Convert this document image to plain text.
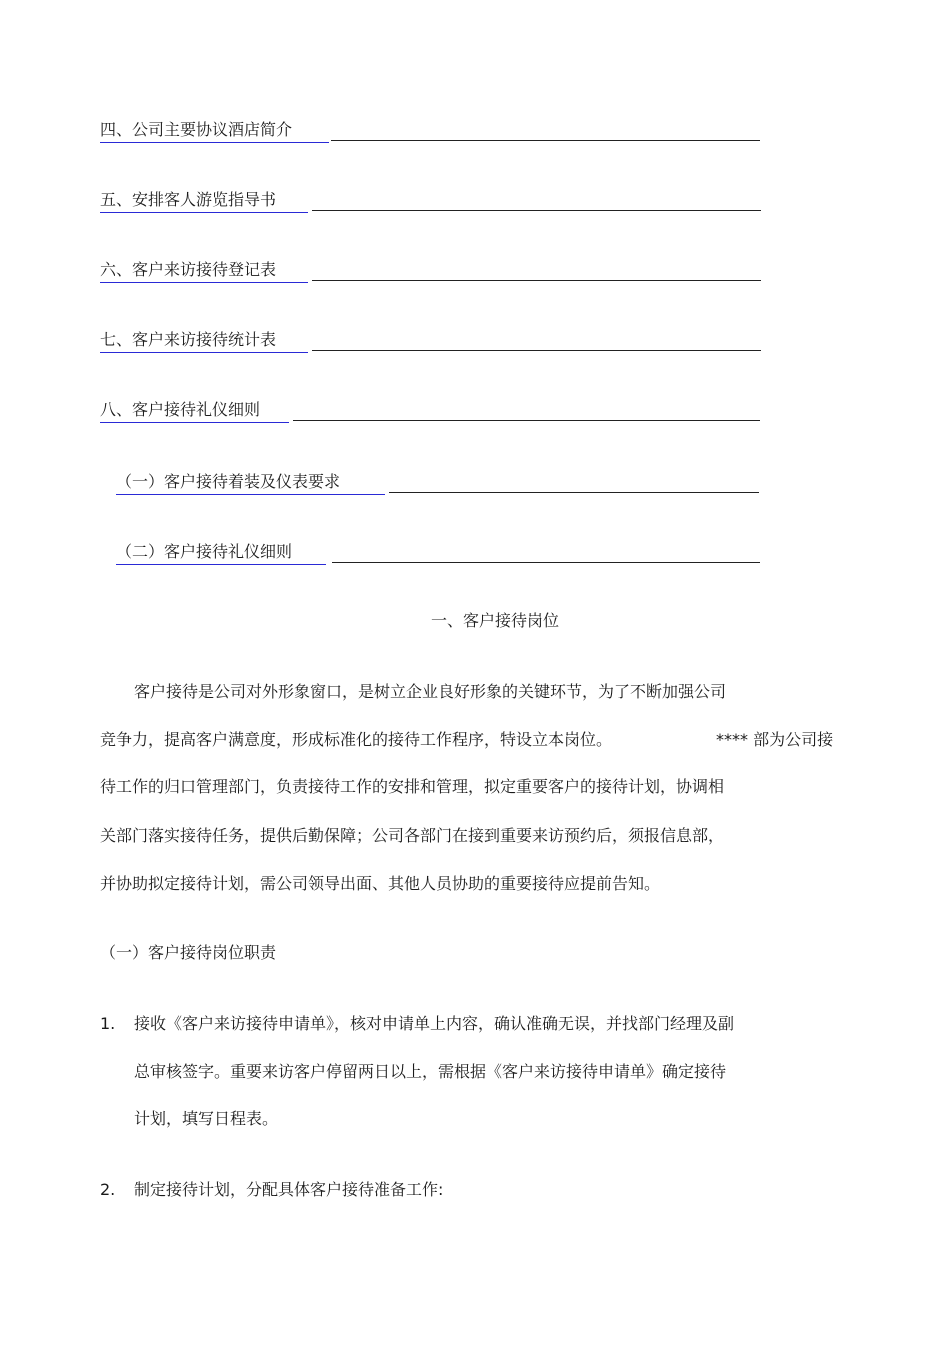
四、公司主要协议酒店简介
五、安排客人游览指导书
六、客户来访接待登记表
七、客户来访接待统计表
八、客户接待礼仪细则
（一）客户接待着装及仪表要求
（二）客户接待礼仪细则
一、客户接待岗位
客户接待是公司对外形象窗口，是树立企业良好形象的关键环节，为了不断加强公司
竞争力，提高客户满意度，形成标准化的接待工作程序，特设立本岗位。	**** 部为公司接
待工作的归口管理部门，负责接待工作的安排和管理，拟定重要客户的接待计划，协调相
关部门落实接待任务，提供后勤保障；公司各部门在接到重要来访预约后，须报信息部，
并协助拟定接待计划，需公司领导出面、其他人员协助的重要接待应提前告知。
（一）客户接待岗位职责
1. 接收《客户来访接待申请单》，核对申请单上内容，确认准确无误，并找部门经理及副
总审核签字。重要来访客户停留两日以上，需根据《客户来访接待申请单》确定接待
计划，填写日程表。
2. 制定接待计划，分配具体客户接待准备工作:
